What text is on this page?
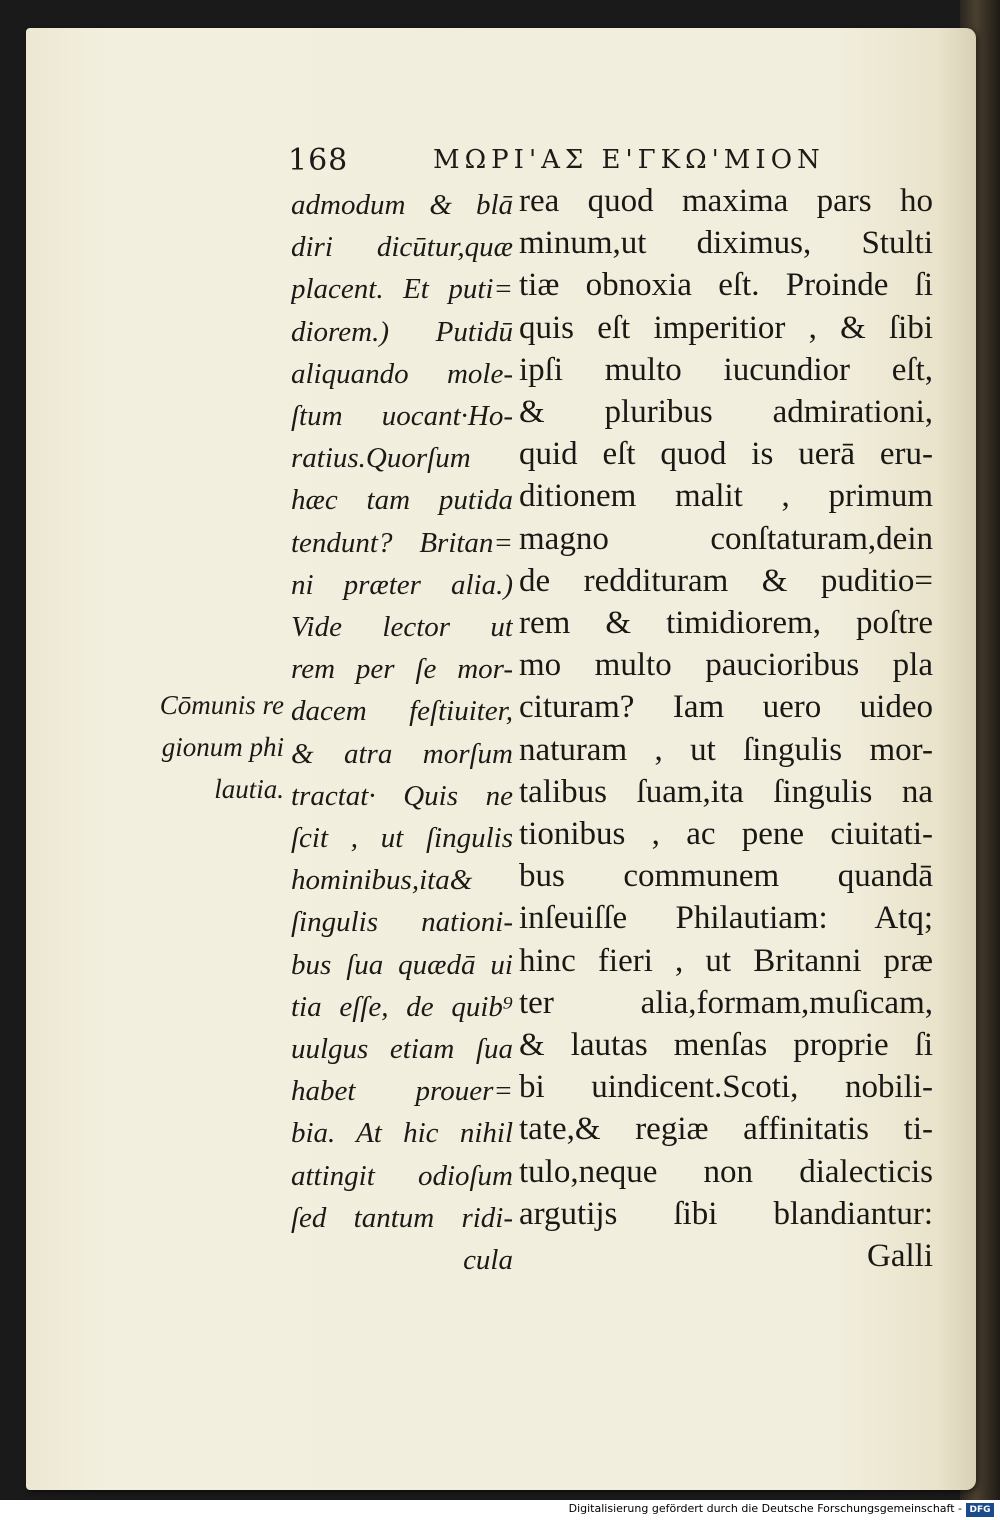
168	ΜΩΡΙ'ΑΣ Ε'ΓΚΩ'ΜΙΟΝ
admodum & blā
diri dicūtur,quæ
placent. Et puti=
diorem.) Putidū
aliquando mole-
ſtum uocant·Ho-
ratius.Quorſum
hæc tam putida
tendunt? Britan=
ni præter alia.)
Vide lector ut
rem per ſe mor-
dacem feſtiuiter,
& atra morſum
tractat· Quis ne
ſcit , ut ſingulis
hominibus,ita&
ſingulis nationi-
bus ſua quædā ui
tia eſſe, de quib⁹
uulgus etiam ſua
habet prouer=
bia. At hic nihil
attingit odioſum
ſed tantum ridi-
cula
rea quod maxima pars ho
minum,ut diximus, Stulti
tiæ obnoxia eſt. Proinde ſi
quis eſt imperitior , & ſibi
ipſi multo iucundior eſt,
& pluribus admirationi,
quid eſt quod is uerā eru-
ditionem malit , primum
magno conſtaturam,dein
de reddituram & puditio=
rem & timidiorem, poſtre
mo multo paucioribus pla
cituram? Iam uero uideo
naturam , ut ſingulis mor-
talibus ſuam,ita ſingulis na
tionibus , ac pene ciuitati-
bus communem quandā
inſeuiſſe Philautiam: Atq;
hinc fieri , ut Britanni præ
ter alia,formam,muſicam,
& lautas menſas proprie ſi
bi uindicent.Scoti, nobili-
tate,& regiæ affinitatis ti-
tulo,neque non dialecticis
argutijs ſibi blandiantur:
Galli
Cōmunis re
gionum phi
lautia.
Digitalisierung gefördert durch die Deutsche Forschungsgemeinschaft - DFG
